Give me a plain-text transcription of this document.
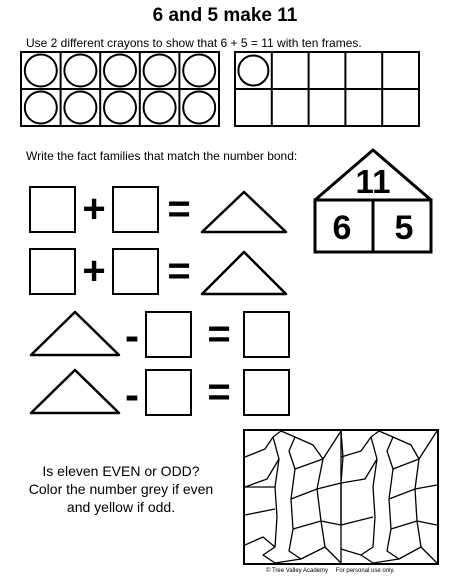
6 and 5 make 11
Use 2 different crayons to show that 6 + 5 = 11 with ten frames.
Write the fact families that match the number bond:
11
6	5
+ =
+ =
- =
- =
Is eleven EVEN or ODD?
Color the number grey if even
and yellow if odd.
© Tree Valley Academy For personal use only.
